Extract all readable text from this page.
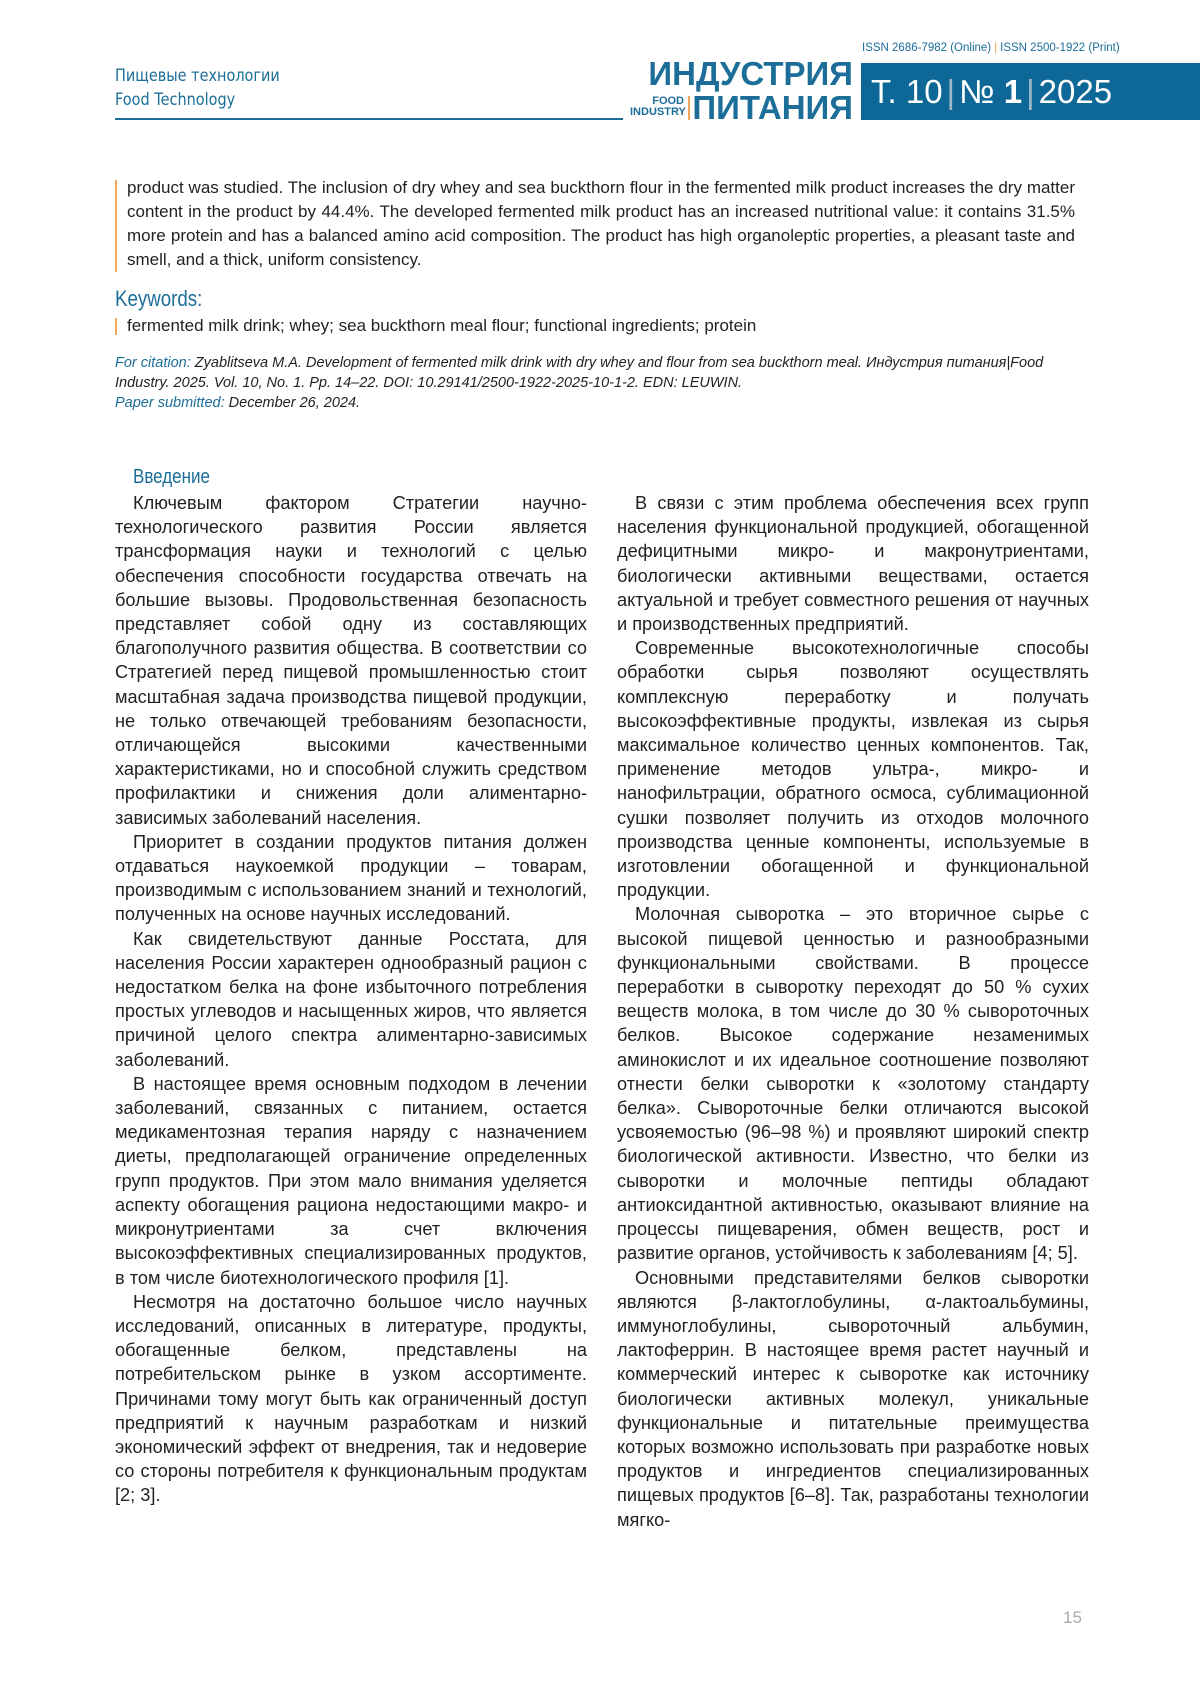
Пищевые технологии
Food Technology
ISSN 2686-7982 (Online) | ISSN 2500-1922 (Print)
ИНДУСТРИЯ
FOOD
INDUSTRY ПИТАНИЯ Т. 10 | № 1 | 2025
product was studied. The inclusion of dry whey and sea buckthorn flour in the fermented milk product increases the dry matter content in the product by 44.4%. The developed fermented milk product has an increased nutritional value: it contains 31.5% more protein and has a balanced amino acid composition. The product has high organoleptic properties, a pleasant taste and smell, and a thick, uniform consistency.
Keywords:
fermented milk drink; whey; sea buckthorn meal flour; functional ingredients; protein
For citation: Zyablitseva M.A. Development of fermented milk drink with dry whey and flour from sea buckthorn meal. Индустрия питания|Food Industry. 2025. Vol. 10, No. 1. Pp. 14–22. DOI: 10.29141/2500-1922-2025-10-1-2. EDN: LEUWIN.
Paper submitted: December 26, 2024.
Введение

Ключевым фактором Стратегии научно-технологического развития России является трансформация науки и технологий с целью обеспечения способности государства отвечать на большие вызовы. Продовольственная безопасность представляет собой одну из составляющих благополучного развития общества. В соответствии со Стратегией перед пищевой промышленностью стоит масштабная задача производства пищевой продукции, не только отвечающей требованиям безопасности, отличающейся высокими качественными характеристиками, но и способной служить средством профилактики и снижения доли алиментарно-зависимых заболеваний населения.

Приоритет в создании продуктов питания должен отдаваться наукоемкой продукции – товарам, производимым с использованием знаний и технологий, полученных на основе научных исследований.

Как свидетельствуют данные Росстата, для населения России характерен однообразный рацион с недостатком белка на фоне избыточного потребления простых углеводов и насыщенных жиров, что является причиной целого спектра алиментарно-зависимых заболеваний.

В настоящее время основным подходом в лечении заболеваний, связанных с питанием, остается медикаментозная терапия наряду с назначением диеты, предполагающей ограничение определенных групп продуктов. При этом мало внимания уделяется аспекту обогащения рациона недостающими макро- и микронутриентами за счет включения высокоэффективных специализированных продуктов, в том числе биотехнологического профиля [1].

Несмотря на достаточно большое число научных исследований, описанных в литературе, продукты, обогащенные белком, представлены на потребительском рынке в узком ассортименте. Причинами тому могут быть как ограниченный доступ предприятий к научным разработкам и низкий экономический эффект от внедрения, так и недоверие со стороны потребителя к функциональным продуктам [2; 3].

В связи с этим проблема обеспечения всех групп населения функциональной продукцией, обогащенной дефицитными микро- и макронутриентами, биологически активными веществами, остается актуальной и требует совместного решения от научных и производственных предприятий.

Современные высокотехнологичные способы обработки сырья позволяют осуществлять комплексную переработку и получать высокоэффективные продукты, извлекая из сырья максимальное количество ценных компонентов. Так, применение методов ультра-, микро- и нанофильтрации, обратного осмоса, сублимационной сушки позволяет получить из отходов молочного производства ценные компоненты, используемые в изготовлении обогащенной и функциональной продукции.

Молочная сыворотка – это вторичное сырье с высокой пищевой ценностью и разнообразными функциональными свойствами. В процессе переработки в сыворотку переходят до 50 % сухих веществ молока, в том числе до 30 % сывороточных белков. Высокое содержание незаменимых аминокислот и их идеальное соотношение позволяют отнести белки сыворотки к «золотому стандарту белка». Сывороточные белки отличаются высокой усвояемостью (96–98 %) и проявляют широкий спектр биологической активности. Известно, что белки из сыворотки и молочные пептиды обладают антиоксидантной активностью, оказывают влияние на процессы пищеварения, обмен веществ, рост и развитие органов, устойчивость к заболеваниям [4; 5].

Основными представителями белков сыворотки являются β-лактоглобулины, α-лактоальбумины, иммуноглобулины, сывороточный альбумин, лактоферрин. В настоящее время растет научный и коммерческий интерес к сыворотке как источнику биологически активных молекул, уникальные функциональные и питательные преимущества которых возможно использовать при разработке новых продуктов и ингредиентов специализированных пищевых продуктов [6–8]. Так, разработаны технологии мягко-

15
